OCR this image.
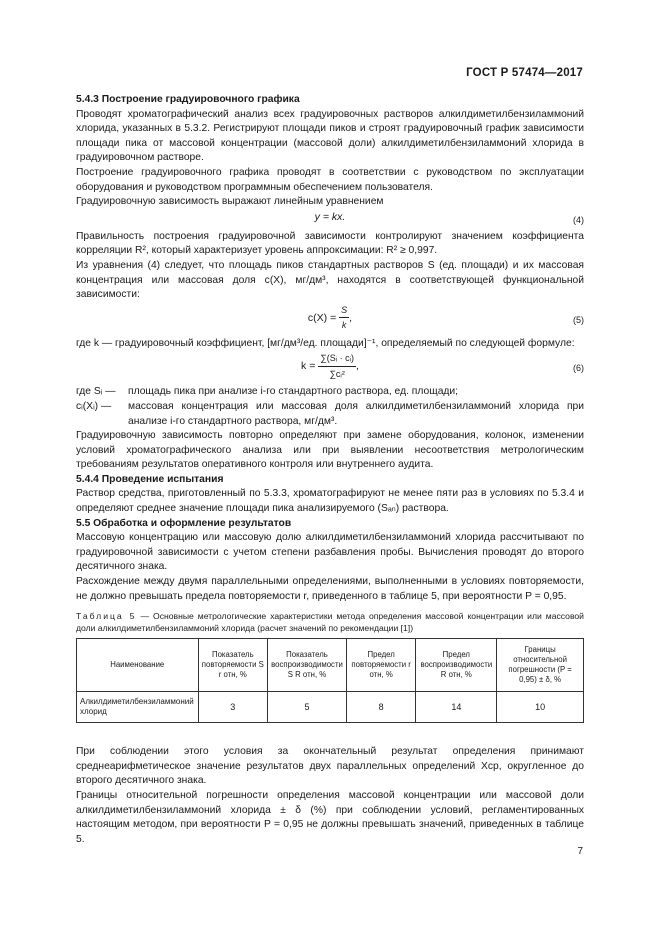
ГОСТ Р 57474—2017

5.4.3 Построение градуировочного графика

Проводят хроматографический анализ всех градуировочных растворов алкилдиметилбензиламмоний хлорида, указанных в 5.3.2. Регистрируют площади пиков и строят градуировочный график зависимости площади пика от массовой концентрации (массовой доли) алкилдиметилбензиламмоний хлорида в градуировочном растворе.

Построение градуировочного графика проводят в соответствии с руководством по эксплуатации оборудования и руководством программным обеспечением пользователя.

Градуировочную зависимость выражают линейным уравнением

y = kx.	(4)

Правильность построения градуировочной зависимости контролируют значением коэффициента корреляции R², который характеризует уровень аппроксимации: R² ≥ 0,997.

Из уравнения (4) следует, что площадь пиков стандартных растворов S (ед. площади) и их массовая концентрация или массовая доля c(X), мг/дм³, находятся в соответствующей функциональной зависимости:

$c(X) = \frac{S}{k}$ ,	(5)

где k — градуировочный коэффициент, [мг/дм³/ед. площади]⁻¹, определяемый по следующей формуле:

$k = \frac{\text{∑(Sᵢ · cᵢ)}}{\text{∑cᵢ²}}$ ,	(6)
где Sᵢ —	площадь пика при анализе i-го стандартного раствора, ед. площади;
cᵢ(Xᵢ) —	массовая концентрация или массовая доля алкилдиметилбензиламмоний хлорида при анализе i-го стандартного раствора, мг/дм³.

Градуировочную зависимость повторно определяют при замене оборудования, колонок, изменении условий хроматографического анализа или при выявлении несоответствия метрологическим требованиям результатов оперативного контроля или внутреннего аудита.

5.4.4 Проведение испытания

Раствор средства, приготовленный по 5.3.3, хроматографируют не менее пяти раз в условиях по 5.3.4 и определяют среднее значение площади пика анализируемого (Sₐₙ) раствора.

5.5 Обработка и оформление результатов

Массовую концентрацию или массовую долю алкилдиметилбензиламмоний хлорида рассчитывают по градуировочной зависимости с учетом степени разбавления пробы. Вычисления проводят до второго десятичного знака.

Расхождение между двумя параллельными определениями, выполненными в условиях повторяемости, не должно превышать предела повторяемости r, приведенного в таблице 5, при вероятности P = 0,95.

Таблица 5 — Основные метрологические характеристики метода определения массовой концентрации или массовой доли алкилдиметилбензиламмоний хлорида (расчет значений по рекомендации [1])
Наименование	Показатель повторяемости S r отн, %	Показатель воспроизводимости S R отн, %	Предел повторяемости r отн, %	Предел воспроизводимости R отн, %	Границы относительной погрешности (P = 0,95) ± δ, %
Алкилдиметилбензиламмоний хлорид	3	5	8	14	10

При соблюдении этого условия за окончательный результат определения принимают среднеарифметическое значение результатов двух параллельных определений Xср, округленное до второго десятичного знака.

Границы относительной погрешности определения массовой концентрации или массовой доли алкилдиметилбензиламмоний хлорида ± δ (%) при соблюдении условий, регламентированных настоящим методом, при вероятности P = 0,95 не должны превышать значений, приведенных в таблице 5.

7
